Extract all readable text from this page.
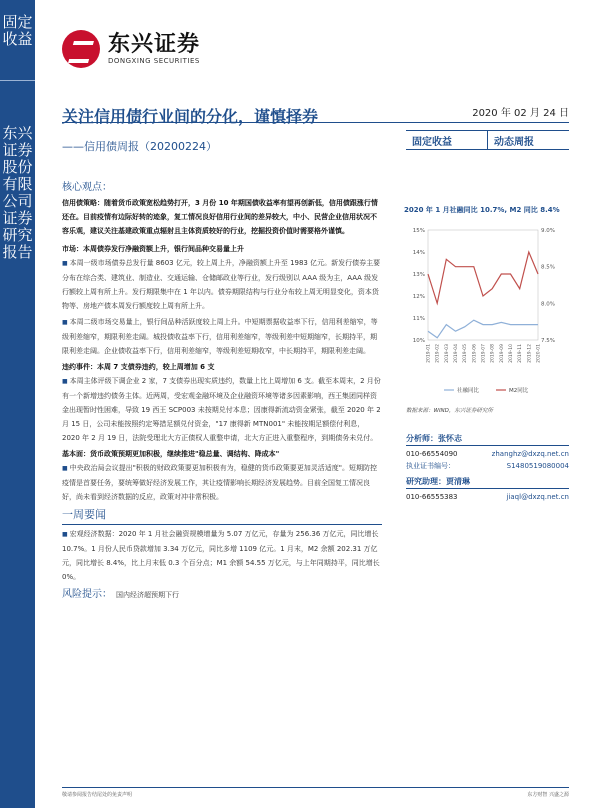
固定收益
东兴证券股份有限公司证券研究报告
东兴证券
DONGXING SECURITIES
关注信用债行业间的分化，谨慎择券	2020 年 02 月 24 日
——信用债周报（20200224）	固定收益	动态周报
核心观点：

信用债策略：随着货币政策宽松趋势打开，3 月份 10 年期国债收益率有望再创新低，信用债跟涨行情还在。目前疫情有边际好转的迹象，复工情况良好信用行业间的差异较大，中小、民营企业信用状况不容乐观，建议关注基建政策重点辐射且主体资质较好的行业，挖掘投资价值时需要格外谨慎。

市场：本周债券发行净融资额上升，银行间品种交易量上升

■ 本周一级市场债券总发行量 8603 亿元，较上周上升，净融资额上升至 1983 亿元。新发行债券主要分布在综合类、建筑业、制造业、交通运输、仓储邮政业等行业，发行级别以 AAA 级为主，AAA 级发行额较上周有所上升。发行期限集中在 1 年以内。债券期限结构与行业分布较上周无明显变化，资本货物等、房地产债本周发行额度较上周有所上升。

■ 本周二级市场交易量上，银行间品种活跃度较上周上升。中短期票据收益率下行，信用利差缩窄，等级利差缩窄，期限利差走阔。城投债收益率下行，信用利差缩窄，等级利差中短期缩窄，长期持平，期限利差走阔。企业债收益率下行，信用利差缩窄，等级利差短期收窄，中长期持平，期限利差走阔。

违约事件：本周 7 支债券违约，较上周增加 6 支

■ 本周主体评级下调企业 2 家，7 支债券出现实质违约，数量上比上周增加 6 支。截至本周末，2 月份有一个新增违约债务主体。近两周，受宏观金融环境及企业融资环境等诸多因素影响，西王集团同样资金出现暂时性困难，导致 19 西王 SCP003 未按期兑付本息；因康得新流动资金紧张，截至 2020 年 2 月 15 日，公司未能按照约定筹措足额兑付资金，"17 康得新 MTN001" 未能按期足额偿付利息，2020 年 2 月 19 日，法院受理北大方正债权人重整申请，北大方正进入重整程序，到期债务未兑付。

基本面：货币政策预期更加积极，继续推进"稳总量、调结构、降成本"

■ 中央政治局会议提出"积极的财政政策要更加积极有为，稳健的货币政策要更加灵活适度"。短期防控疫情是首要任务，要统筹做好经济发展工作，其让疫情影响长期经济发展趋势。目前全国复工情况良好，尚未看到经济数据的反应，政策对冲非常积极。

一周要闻

■ 宏观经济数据：2020 年 1 月社会融资规模增量为 5.07 万亿元，存量为 256.36 万亿元，同比增长 10.7%。1 月份人民币贷款增加 3.34 万亿元，同比多增 1109 亿元。1 月末，M2 余额 202.31 万亿元，同比增长 8.4%，比上月末低 0.3 个百分点；M1 余额 54.55 万亿元，与上年同期持平，同比增长 0%。

风险提示： 国内经济超预期下行

2020 年 1 月社融同比 10.7%, M2 同比 8.4%
15%
14%
13%
12%
11%
10%
9.0%
8.5%
8.0%
7.5%
2019-01 2019-02 2019-03 2019-04 2019-05 2019-06 2019-07 2019-08 2019-09 2019-10 2019-11 2019-12 2020-01
社融同比	M2同比
数据来源：WIND，东兴证券研究所
分析师：张怀志
010-66554090	zhanghz@dxzq.net.cn
执业证书编号：	S1480519080004
研究助理：贾清琳
010-66555383	jiaql@dxzq.net.cn
敬请参阅报告结尾处的免责声明	东方财智 兴盛之源
